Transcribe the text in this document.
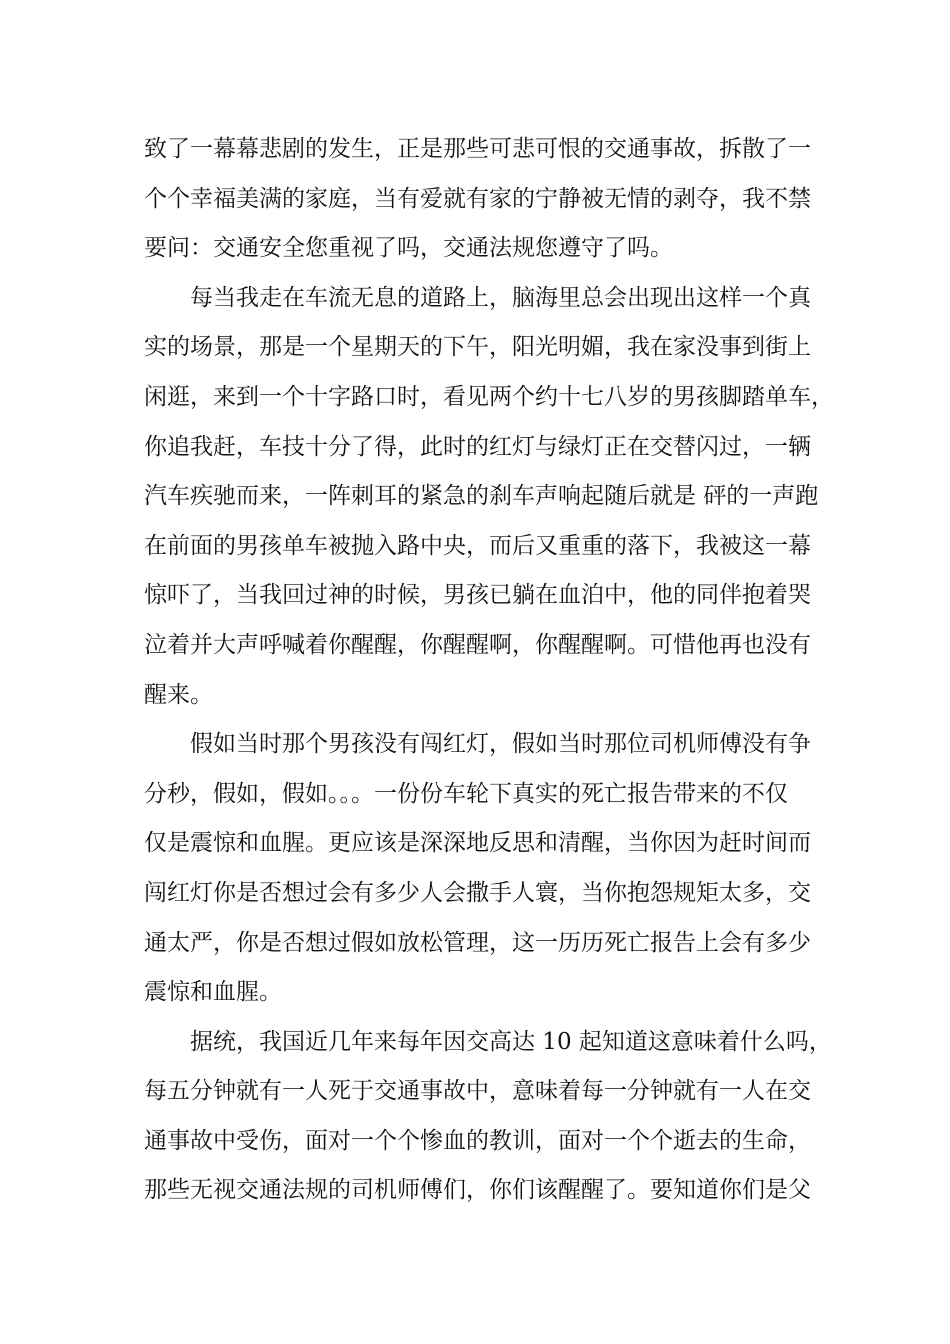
致了一幕幕悲剧的发生，正是那些可悲可恨的交通事故，拆散了一
个个幸福美满的家庭，当有爱就有家的宁静被无情的剥夺，我不禁
要问：交通安全您重视了吗，交通法规您遵守了吗。
每当我走在车流无息的道路上，脑海里总会出现出这样一个真
实的场景，那是一个星期天的下午，阳光明媚，我在家没事到街上
闲逛，来到一个十字路口时，看见两个约十七八岁的男孩脚踏单车，
你追我赶，车技十分了得，此时的红灯与绿灯正在交替闪过，一辆
汽车疾驰而来，一阵刺耳的紧急的刹车声响起随后就是 砰的一声跑
在前面的男孩单车被抛入路中央，而后又重重的落下，我被这一幕
惊吓了，当我回过神的时候，男孩已躺在血泊中，他的同伴抱着哭
泣着并大声呼喊着你醒醒，你醒醒啊，你醒醒啊。可惜他再也没有
醒来。
假如当时那个男孩没有闯红灯，假如当时那位司机师傅没有争
分秒，假如，假如。。。一份份车轮下真实的死亡报告带来的不仅
仅是震惊和血腥。更应该是深深地反思和清醒，当你因为赶时间而
闯红灯你是否想过会有多少人会撒手人寰，当你抱怨规矩太多，交
通太严，你是否想过假如放松管理，这一历历死亡报告上会有多少
震惊和血腥。
据统，我国近几年来每年因交高达 10 起知道这意味着什么吗，
每五分钟就有一人死于交通事故中，意味着每一分钟就有一人在交
通事故中受伤，面对一个个惨血的教训，面对一个个逝去的生命，
那些无视交通法规的司机师傅们，你们该醒醒了。要知道你们是父
